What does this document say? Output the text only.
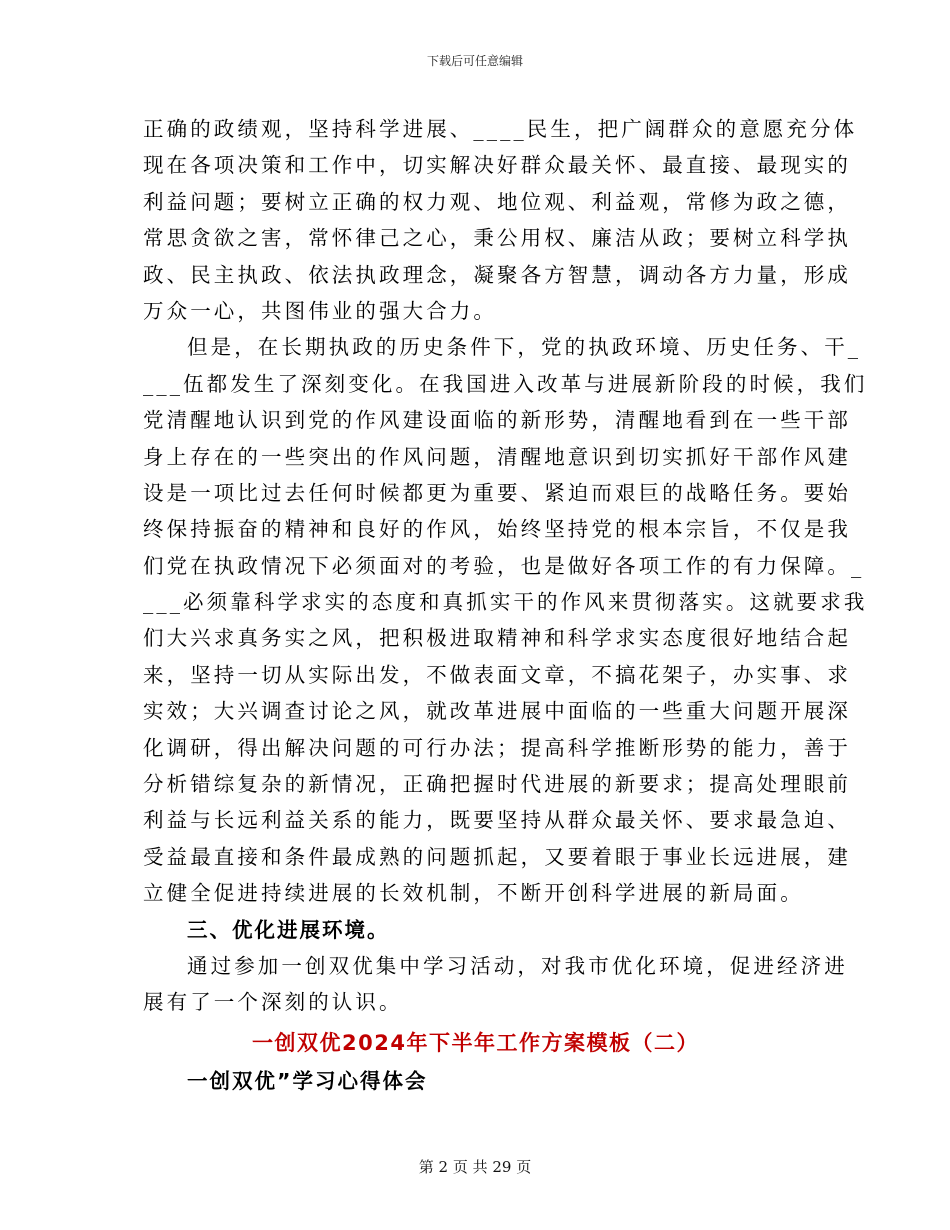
下载后可任意编辑
正确的政绩观，坚持科学进展、____民生，把广阔群众的意愿充分体
现在各项决策和工作中，切实解决好群众最关怀、最直接、最现实的
利益问题；要树立正确的权力观、地位观、利益观，常修为政之德，
常思贪欲之害，常怀律己之心，秉公用权、廉洁从政；要树立科学执
政、民主执政、依法执政理念，凝聚各方智慧，调动各方力量，形成
万众一心，共图伟业的强大合力。
但是，在长期执政的历史条件下，党的执政环境、历史任务、干_
___伍都发生了深刻变化。在我国进入改革与进展新阶段的时候，我们
党清醒地认识到党的作风建设面临的新形势，清醒地看到在一些干部
身上存在的一些突出的作风问题，清醒地意识到切实抓好干部作风建
设是一项比过去任何时候都更为重要、紧迫而艰巨的战略任务。要始
终保持振奋的精神和良好的作风，始终坚持党的根本宗旨，不仅是我
们党在执政情况下必须面对的考验，也是做好各项工作的有力保障。_
___必须靠科学求实的态度和真抓实干的作风来贯彻落实。这就要求我
们大兴求真务实之风，把积极进取精神和科学求实态度很好地结合起
来，坚持一切从实际出发，不做表面文章，不搞花架子，办实事、求
实效；大兴调查讨论之风，就改革进展中面临的一些重大问题开展深
化调研，得出解决问题的可行办法；提高科学推断形势的能力，善于
分析错综复杂的新情况，正确把握时代进展的新要求；提高处理眼前
利益与长远利益关系的能力，既要坚持从群众最关怀、要求最急迫、
受益最直接和条件最成熟的问题抓起，又要着眼于事业长远进展，建
立健全促进持续进展的长效机制，不断开创科学进展的新局面。
三、优化进展环境。
通过参加一创双优集中学习活动，对我市优化环境，促进经济进
展有了一个深刻的认识。
一创双优2024年下半年工作方案模板（二）
一创双优”学习心得体会
第 2 页 共 29 页
